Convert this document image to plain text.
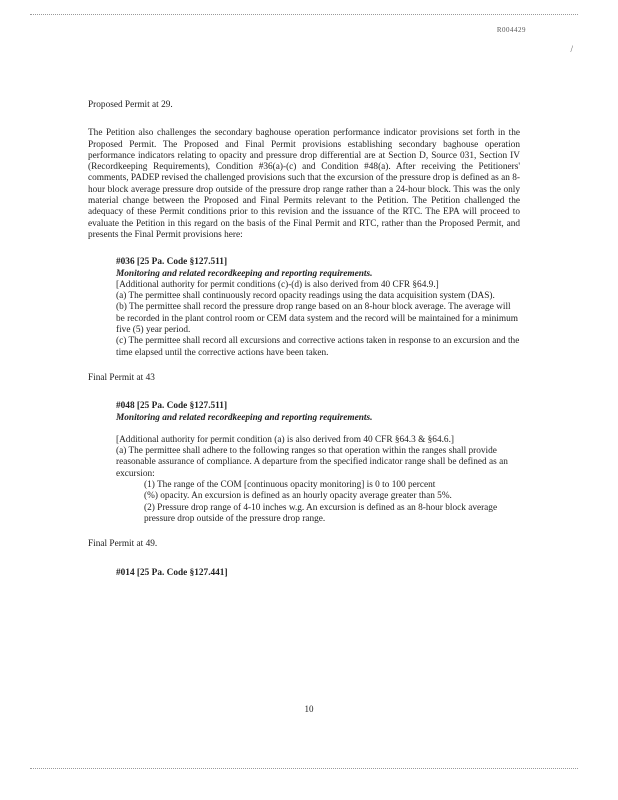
R004429
/

Proposed Permit at 29.

The Petition also challenges the secondary baghouse operation performance indicator provisions set forth in the Proposed Permit. The Proposed and Final Permit provisions establishing secondary baghouse operation performance indicators relating to opacity and pressure drop differential are at Section D, Source 031, Section IV (Recordkeeping Requirements), Condition #36(a)-(c) and Condition #48(a). After receiving the Petitioners' comments, PADEP revised the challenged provisions such that the excursion of the pressure drop is defined as an 8-hour block average pressure drop outside of the pressure drop range rather than a 24-hour block. This was the only material change between the Proposed and Final Permits relevant to the Petition. The Petition challenged the adequacy of these Permit conditions prior to this revision and the issuance of the RTC. The EPA will proceed to evaluate the Petition in this regard on the basis of the Final Permit and RTC, rather than the Proposed Permit, and presents the Final Permit provisions here:

#036 [25 Pa. Code §127.511]

Monitoring and related recordkeeping and reporting requirements.

[Additional authority for permit conditions (c)-(d) is also derived from 40 CFR §64.9.]

(a) The permittee shall continuously record opacity readings using the data acquisition system (DAS).

(b) The permittee shall record the pressure drop range based on an 8-hour block average. The average will be recorded in the plant control room or CEM data system and the record will be maintained for a minimum five (5) year period.

(c) The permittee shall record all excursions and corrective actions taken in response to an excursion and the time elapsed until the corrective actions have been taken.

Final Permit at 43

#048 [25 Pa. Code §127.511]

Monitoring and related recordkeeping and reporting requirements.

[Additional authority for permit condition (a) is also derived from 40 CFR §64.3 & §64.6.]

(a) The permittee shall adhere to the following ranges so that operation within the ranges shall provide reasonable assurance of compliance. A departure from the specified indicator range shall be defined as an excursion:

(1) The range of the COM [continuous opacity monitoring] is 0 to 100 percent

(%) opacity. An excursion is defined as an hourly opacity average greater than 5%.

(2) Pressure drop range of 4-10 inches w.g. An excursion is defined as an 8-hour block average pressure drop outside of the pressure drop range.

Final Permit at 49.

#014 [25 Pa. Code §127.441]

10
